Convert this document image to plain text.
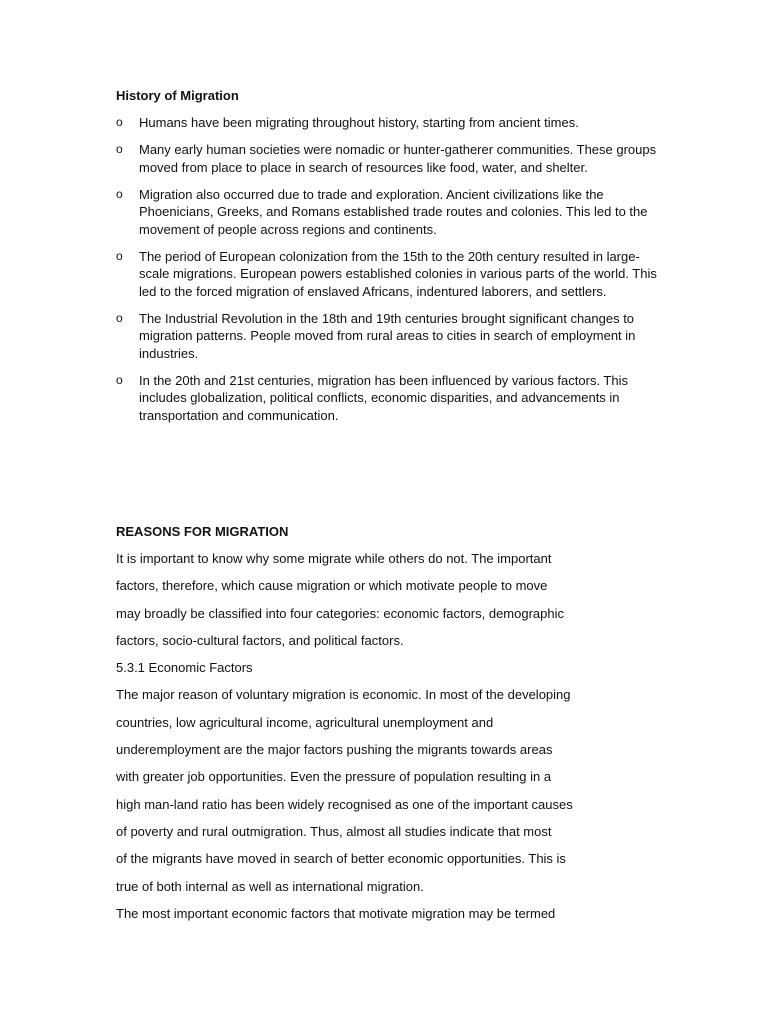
History of Migration
o Humans have been migrating throughout history, starting from ancient times.
o Many early human societies were nomadic or hunter-gatherer communities. These groups moved from place to place in search of resources like food, water, and shelter.
o Migration also occurred due to trade and exploration. Ancient civilizations like the Phoenicians, Greeks, and Romans established trade routes and colonies. This led to the movement of people across regions and continents.
o The period of European colonization from the 15th to the 20th century resulted in large-scale migrations. European powers established colonies in various parts of the world. This led to the forced migration of enslaved Africans, indentured laborers, and settlers.
o The Industrial Revolution in the 18th and 19th centuries brought significant changes to migration patterns. People moved from rural areas to cities in search of employment in industries.
o In the 20th and 21st centuries, migration has been influenced by various factors. This includes globalization, political conflicts, economic disparities, and advancements in transportation and communication.
REASONS FOR MIGRATION
It is important to know why some migrate while others do not. The important
factors, therefore, which cause migration or which motivate people to move
may broadly be classified into four categories: economic factors, demographic
factors, socio-cultural factors, and political factors.
5.3.1 Economic Factors
The major reason of voluntary migration is economic. In most of the developing
countries, low agricultural income, agricultural unemployment and
underemployment are the major factors pushing the migrants towards areas
with greater job opportunities. Even the pressure of population resulting in a
high man-land ratio has been widely recognised as one of the important causes
of poverty and rural outmigration. Thus, almost all studies indicate that most
of the migrants have moved in search of better economic opportunities. This is
true of both internal as well as international migration.
The most important economic factors that motivate migration may be termed
